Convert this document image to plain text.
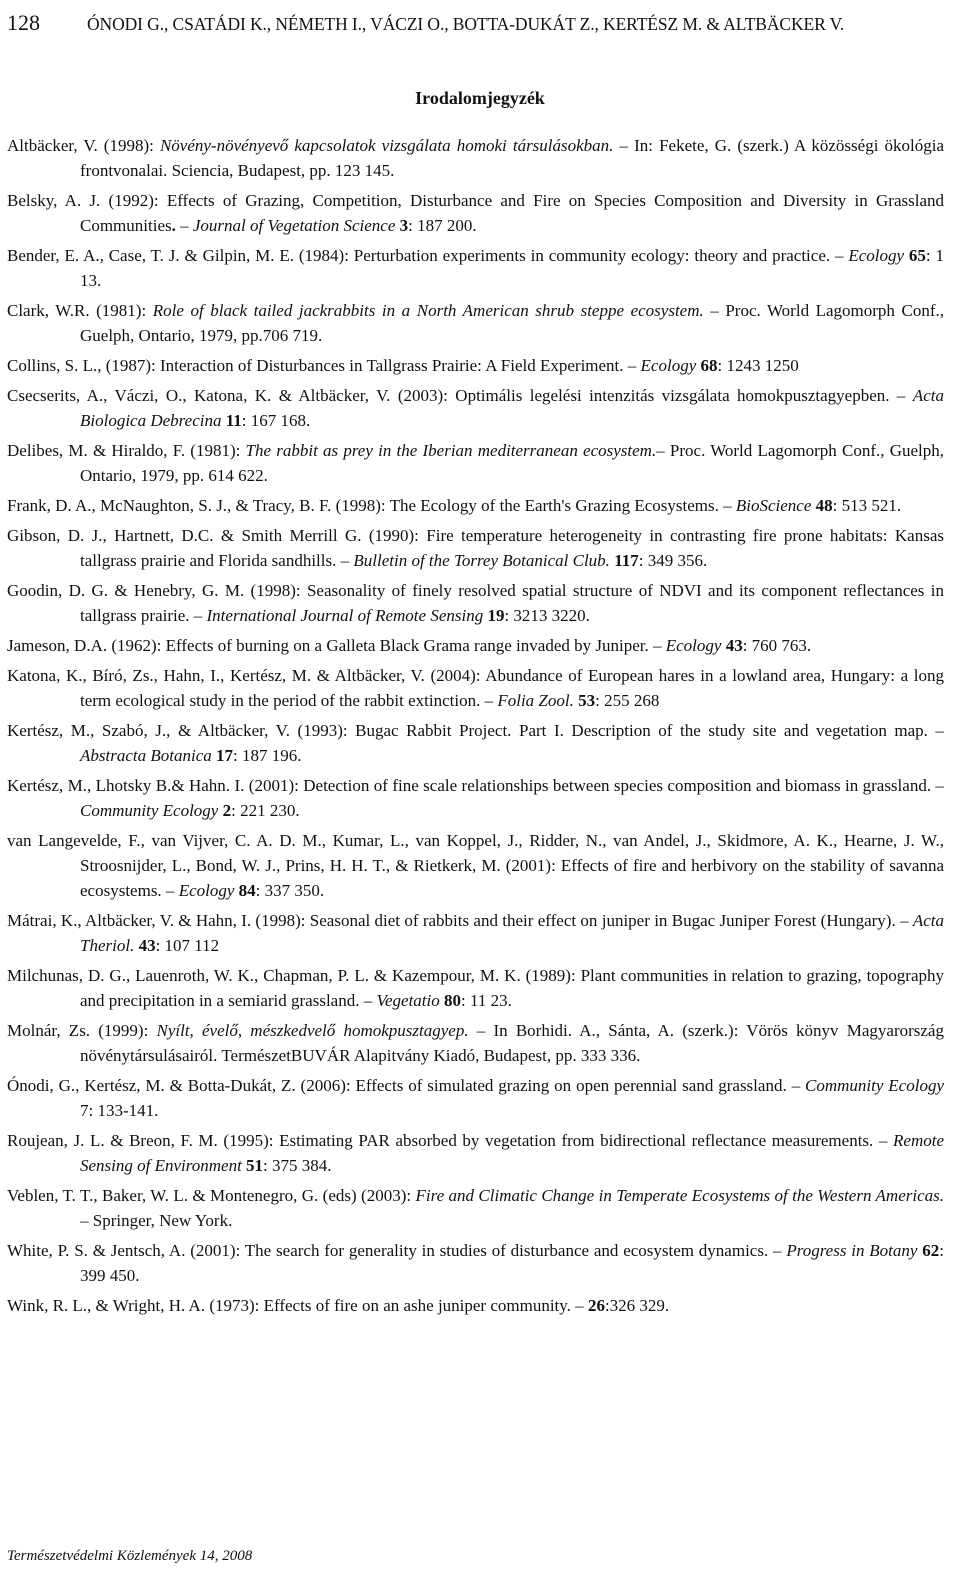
128	ÓNODI G., CSATÁDI K., NÉMETH I., VÁCZI O., BOTTA-DUKÁT Z., KERTÉSZ M. & ALTBÄCKER V.
Irodalomjegyzék

Altbäcker, V. (1998): Növény-növényevő kapcsolatok vizsgálata homoki társulásokban. – In: Fekete, G. (szerk.) A közösségi ökológia frontvonalai. Sciencia, Budapest, pp. 123 145.

Belsky, A. J. (1992): Effects of Grazing, Competition, Disturbance and Fire on Species Composition and Diversity in Grassland Communities. – Journal of Vegetation Science 3: 187 200.

Bender, E. A., Case, T. J. & Gilpin, M. E. (1984): Perturbation experiments in community ecology: theory and practice. – Ecology 65: 1 13.

Clark, W.R. (1981): Role of black tailed jackrabbits in a North American shrub steppe ecosystem. – Proc. World Lagomorph Conf., Guelph, Ontario, 1979, pp.706 719.

Collins, S. L., (1987): Interaction of Disturbances in Tallgrass Prairie: A Field Experiment. – Ecology 68: 1243 1250

Csecserits, A., Váczi, O., Katona, K. & Altbäcker, V. (2003): Optimális legelési intenzitás vizsgálata homokpusztagyepben. – Acta Biologica Debrecina 11: 167 168.

Delibes, M. & Hiraldo, F. (1981): The rabbit as prey in the Iberian mediterranean ecosystem.– Proc. World Lagomorph Conf., Guelph, Ontario, 1979, pp. 614 622.

Frank, D. A., McNaughton, S. J., & Tracy, B. F. (1998): The Ecology of the Earth's Grazing Ecosystems. – BioScience 48: 513 521.

Gibson, D. J., Hartnett, D.C. & Smith Merrill G. (1990): Fire temperature heterogeneity in contrasting fire prone habitats: Kansas tallgrass prairie and Florida sandhills. – Bulletin of the Torrey Botanical Club. 117: 349 356.

Goodin, D. G. & Henebry, G. M. (1998): Seasonality of finely resolved spatial structure of NDVI and its component reflectances in tallgrass prairie. – International Journal of Remote Sensing 19: 3213 3220.

Jameson, D.A. (1962): Effects of burning on a Galleta Black Grama range invaded by Juniper. – Ecology 43: 760 763.

Katona, K., Bíró, Zs., Hahn, I., Kertész, M. & Altbäcker, V. (2004): Abundance of European hares in a lowland area, Hungary: a long term ecological study in the period of the rabbit extinction. – Folia Zool. 53: 255 268

Kertész, M., Szabó, J., & Altbäcker, V. (1993): Bugac Rabbit Project. Part I. Description of the study site and vegetation map. – Abstracta Botanica 17: 187 196.

Kertész, M., Lhotsky B.& Hahn. I. (2001): Detection of fine scale relationships between species composition and biomass in grassland. – Community Ecology 2: 221 230.

van Langevelde, F., van Vijver, C. A. D. M., Kumar, L., van Koppel, J., Ridder, N., van Andel, J., Skidmore, A. K., Hearne, J. W., Stroosnijder, L., Bond, W. J., Prins, H. H. T., & Rietkerk, M. (2001): Effects of fire and herbivory on the stability of savanna ecosystems. – Ecology 84: 337 350.

Mátrai, K., Altbäcker, V. & Hahn, I. (1998): Seasonal diet of rabbits and their effect on juniper in Bugac Juniper Forest (Hungary). – Acta Theriol. 43: 107 112

Milchunas, D. G., Lauenroth, W. K., Chapman, P. L. & Kazempour, M. K. (1989): Plant communities in relation to grazing, topography and precipitation in a semiarid grassland. – Vegetatio 80: 11 23.

Molnár, Zs. (1999): Nyílt, évelő, mészkedvelő homokpusztagyep. – In Borhidi. A., Sánta, A. (szerk.): Vörös könyv Magyarország növénytársulásairól. TermészetBUVÁR Alapitvány Kiadó, Budapest, pp. 333 336.

Ónodi, G., Kertész, M. & Botta-Dukát, Z. (2006): Effects of simulated grazing on open perennial sand grassland. – Community Ecology 7: 133-141.

Roujean, J. L. & Breon, F. M. (1995): Estimating PAR absorbed by vegetation from bidirectional reflectance measurements. – Remote Sensing of Environment 51: 375 384.

Veblen, T. T., Baker, W. L. & Montenegro, G. (eds) (2003): Fire and Climatic Change in Temperate Ecosystems of the Western Americas. – Springer, New York.

White, P. S. & Jentsch, A. (2001): The search for generality in studies of disturbance and ecosystem dynamics. – Progress in Botany 62: 399 450.

Wink, R. L., & Wright, H. A. (1973): Effects of fire on an ashe juniper community. – 26:326 329.

Természetvédelmi Közlemények 14, 2008
